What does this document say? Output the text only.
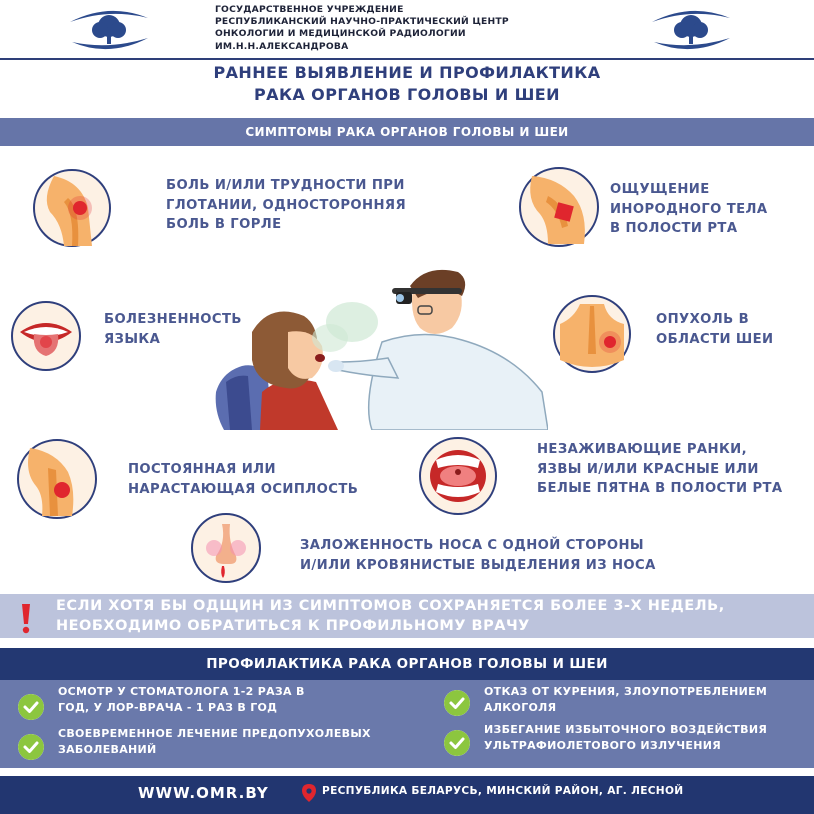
ГОСУДАРСТВЕННОЕ УЧРЕЖДЕНИЕ
РЕСПУБЛИКАНСКИЙ НАУЧНО-ПРАКТИЧЕСКИЙ ЦЕНТР
ОНКОЛОГИИ И МЕДИЦИНСКОЙ РАДИОЛОГИИ
ИМ.Н.Н.АЛЕКСАНДРОВА
РАННЕЕ ВЫЯВЛЕНИЕ И ПРОФИЛАКТИКА
РАКА ОРГАНОВ ГОЛОВЫ И ШЕИ
СИМПТОМЫ РАКА ОРГАНОВ ГОЛОВЫ И ШЕИ
БОЛЬ И/ИЛИ ТРУДНОСТИ ПРИ
ГЛОТАНИИ, ОДНОСТОРОННЯЯ
БОЛЬ В ГОРЛЕ
ОЩУЩЕНИЕ
ИНОРОДНОГО ТЕЛА
В ПОЛОСТИ РТА
БОЛЕЗНЕННОСТЬ
ЯЗЫКА
ОПУХОЛЬ В
ОБЛАСТИ ШЕИ
ПОСТОЯННАЯ ИЛИ
НАРАСТАЮЩАЯ ОСИПЛОСТЬ
НЕЗАЖИВАЮЩИЕ РАНКИ,
ЯЗВЫ И/ИЛИ КРАСНЫЕ ИЛИ
БЕЛЫЕ ПЯТНА В ПОЛОСТИ РТА
ЗАЛОЖЕННОСТЬ НОСА С ОДНОЙ СТОРОНЫ
И/ИЛИ КРОВЯНИСТЫЕ ВЫДЕЛЕНИЯ ИЗ НОСА
ЕСЛИ ХОТЯ БЫ ОДЩИН ИЗ СИМПТОМОВ СОХРАНЯЕТСЯ БОЛЕЕ 3-Х НЕДЕЛЬ,
НЕОБХОДИМО ОБРАТИТЬСЯ К ПРОФИЛЬНОМУ ВРАЧУ
ПРОФИЛАКТИКА РАКА ОРГАНОВ ГОЛОВЫ И ШЕИ
ОСМОТР У СТОМАТОЛОГА 1-2 РАЗА В
ГОД, У ЛОР-ВРАЧА - 1 РАЗ В ГОД
СВОЕВРЕМЕННОЕ ЛЕЧЕНИЕ ПРЕДОПУХОЛЕВЫХ
ЗАБОЛЕВАНИЙ
ОТКАЗ ОТ КУРЕНИЯ, ЗЛОУПОТРЕБЛЕНИЕМ
АЛКОГОЛЯ
ИЗБЕГАНИЕ ИЗБЫТОЧНОГО ВОЗДЕЙСТВИЯ
УЛЬТРАФИОЛЕТОВОГО ИЗЛУЧЕНИЯ
WWW.OMR.BY	РЕСПУБЛИКА БЕЛАРУСЬ, МИНСКИЙ РАЙОН, АГ. ЛЕСНОЙ
